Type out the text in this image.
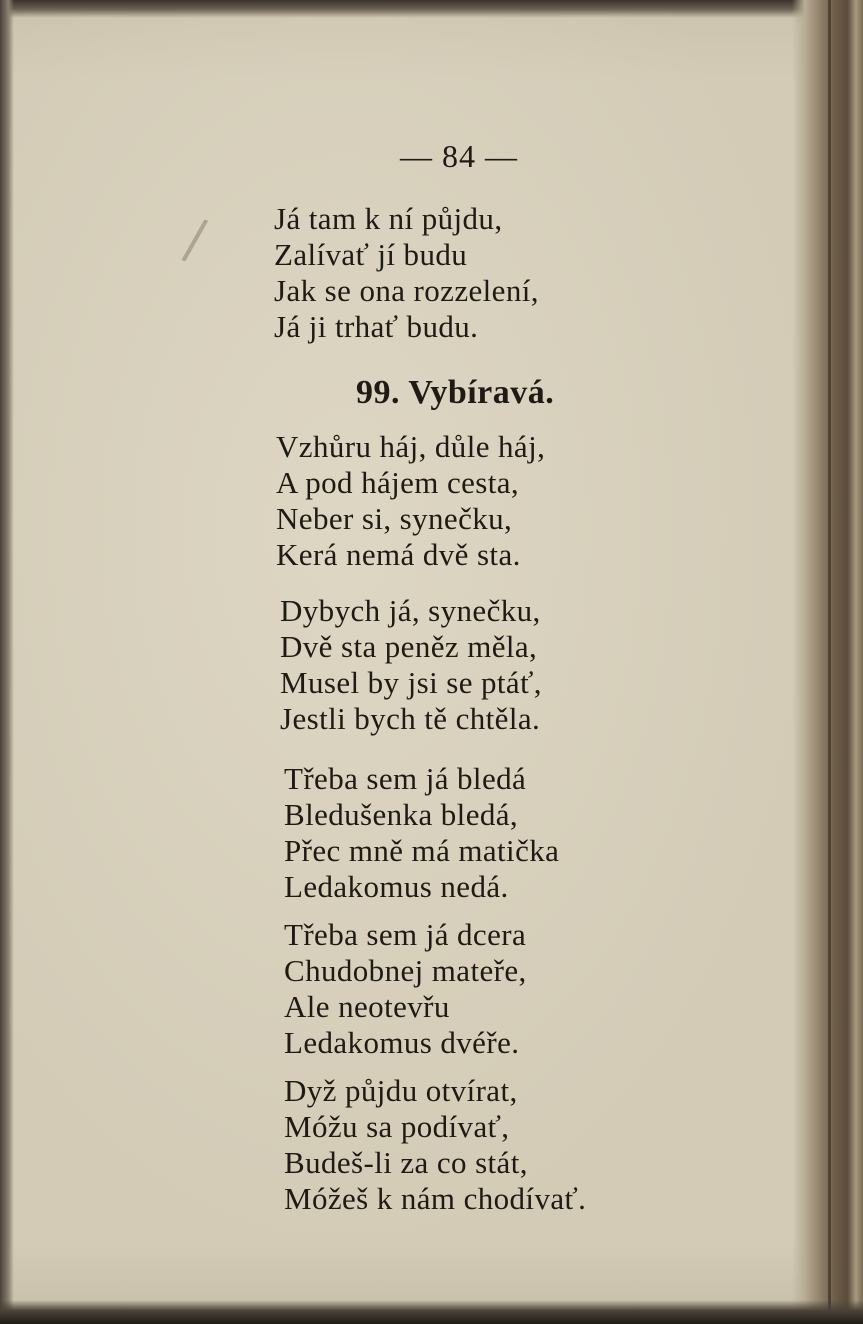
/
— 84 —
Já tam k ní půjdu,
Zalívať jí budu
Jak se ona rozzelení,
Já ji trhať budu.
99. Vybíravá.
Vzhůru háj, důle háj,
A pod hájem cesta,
Neber si, synečku,
Kerá nemá dvě sta.
Dybych já, synečku,
Dvě sta peněz měla,
Musel by jsi se ptáť,
Jestli bych tě chtěla.
Třeba sem já bledá
Bledušenka bledá,
Přec mně má matička
Ledakomus nedá.
Třeba sem já dcera
Chudobnej mateře,
Ale neotevřu
Ledakomus dvéře.
Dyž půjdu otvírat,
Móžu sa podívať,
Budeš-li za co stát,
Móžeš k nám chodívať.
